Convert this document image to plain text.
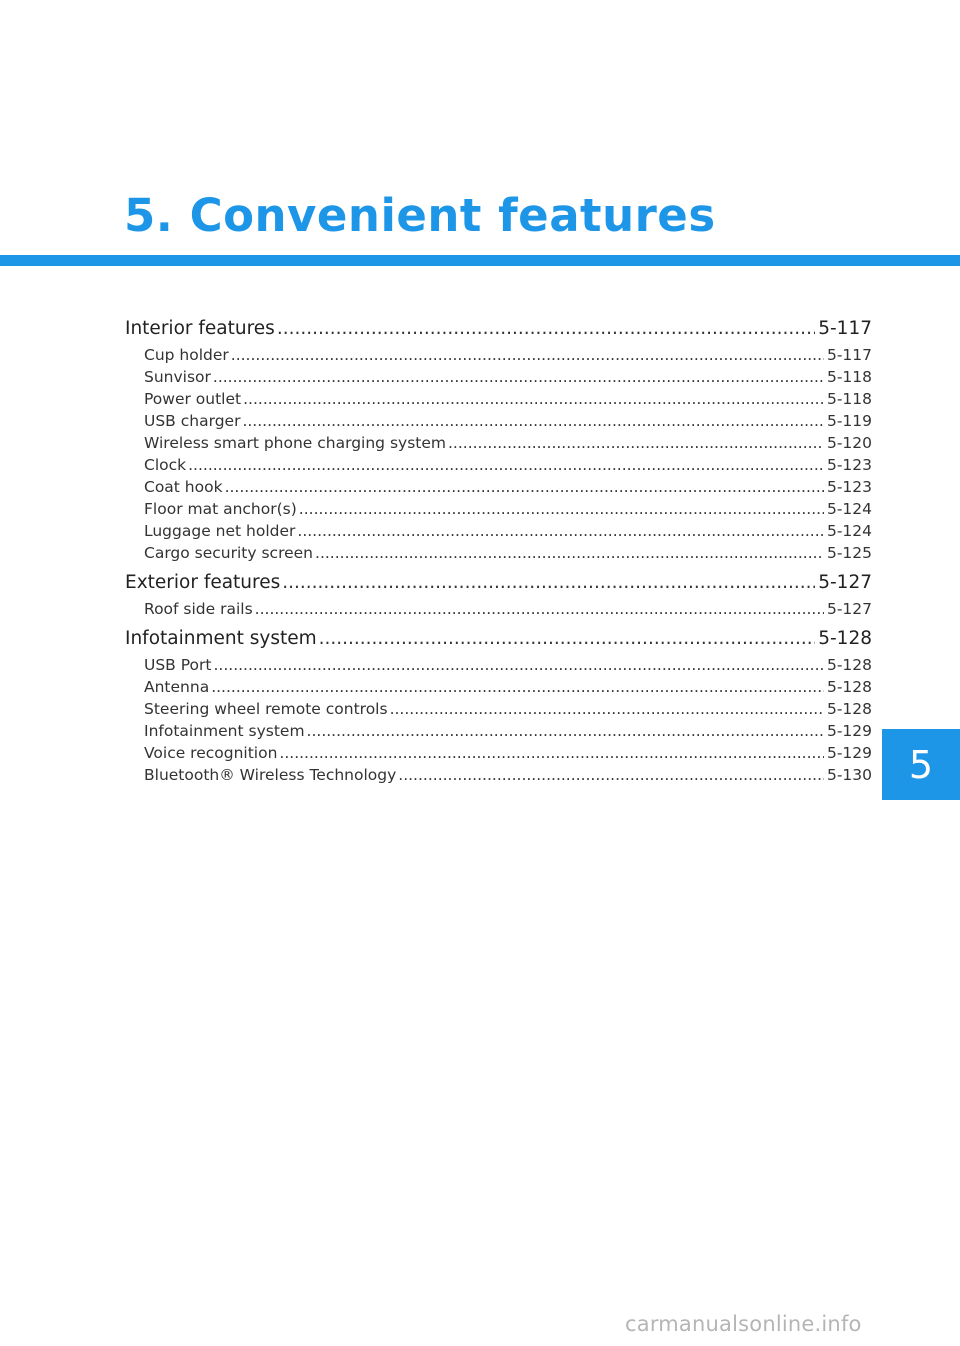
5. Convenient features
Interior features .....	5-117
Cup holder .....	5-117
Sunvisor .....	5-118
Power outlet .....	5-118
USB charger .....	5-119
Wireless smart phone charging system .....	5-120
Clock .....	5-123
Coat hook .....	5-123
Floor mat anchor(s) .....	5-124
Luggage net holder .....	5-124
Cargo security screen .....	5-125
Exterior features .....	5-127
Roof side rails .....	5-127
Infotainment system .....	5-128
USB Port .....	5-128
Antenna .....	5-128
Steering wheel remote controls .....	5-128
Infotainment system .....	5-129
Voice recognition .....	5-129
Bluetooth® Wireless Technology .....	5-130 5
carmanualsonline.info
